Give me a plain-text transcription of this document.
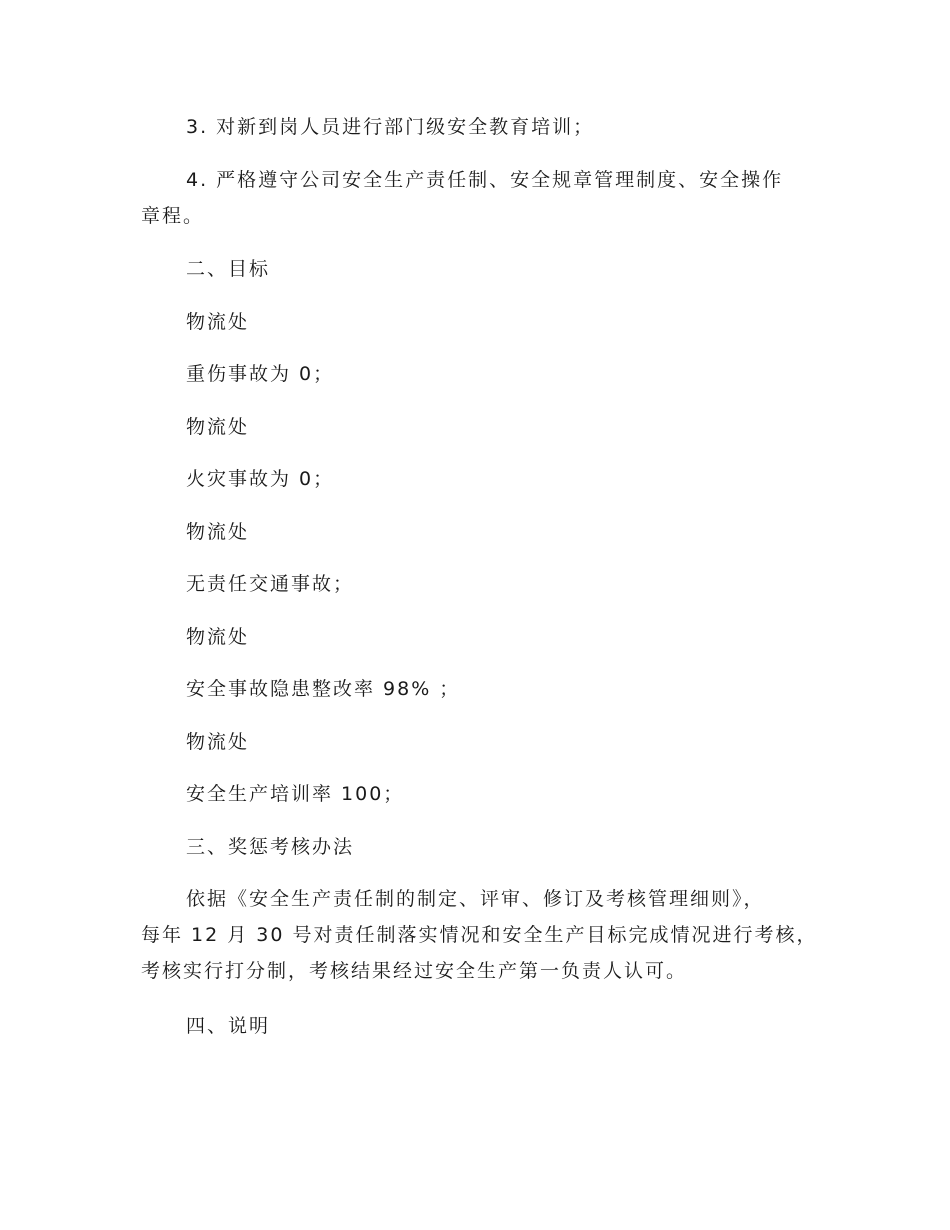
3. 对新到岗人员进行部门级安全教育培训；

4. 严格遵守公司安全生产责任制、安全规章管理制度、安全操作

章程。

二、目标

物流处

重伤事故为 0；

物流处

火灾事故为 0；

物流处

无责任交通事故；

物流处

安全事故隐患整改率 98% ；

物流处

安全生产培训率 100；

三、奖惩考核办法

依据《安全生产责任制的制定、评审、修订及考核管理细则》，

每年 12 月 30 号对责任制落实情况和安全生产目标完成情况进行考核，

考核实行打分制，考核结果经过安全生产第一负责人认可。

四、说明
